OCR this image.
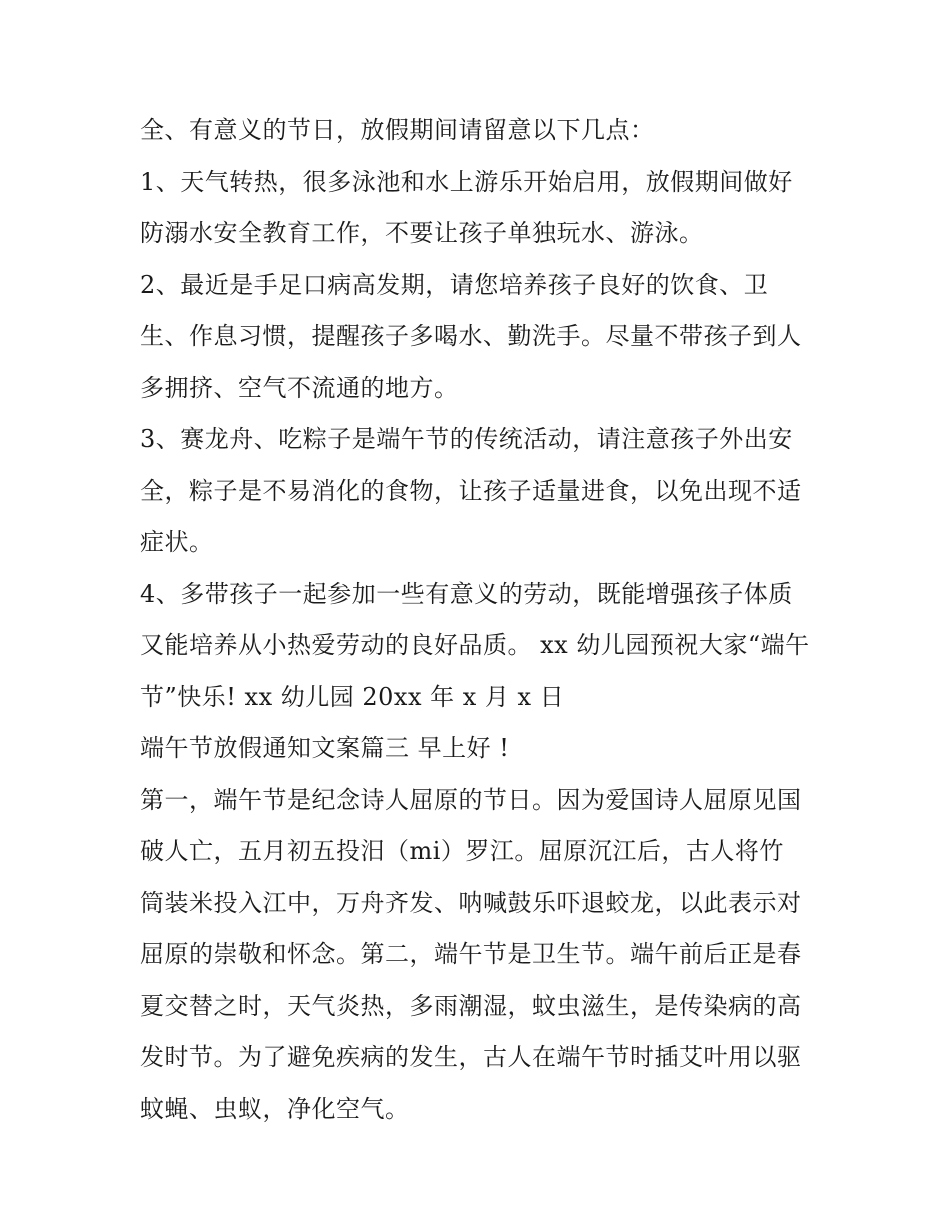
全、有意义的节日，放假期间请留意以下几点：
1、天气转热，很多泳池和水上游乐开始启用，放假期间做好
防溺水安全教育工作，不要让孩子单独玩水、游泳。
2、最近是手足口病高发期，请您培养孩子良好的饮食、卫
生、作息习惯，提醒孩子多喝水、勤洗手。尽量不带孩子到人
多拥挤、空气不流通的地方。
3、赛龙舟、吃粽子是端午节的传统活动，请注意孩子外出安
全，粽子是不易消化的食物，让孩子适量进食，以免出现不适
症状。
4、多带孩子一起参加一些有意义的劳动，既能增强孩子体质
又能培养从小热爱劳动的良好品质。 xx 幼儿园预祝大家“端午
节”快乐! xx 幼儿园 20xx 年 x 月 x 日
端午节放假通知文案篇三 早上好 !
第一，端午节是纪念诗人屈原的节日。因为爱国诗人屈原见国
破人亡，五月初五投汨（mi）罗江。屈原沉江后，古人将竹
筒装米投入江中，万舟齐发、呐喊鼓乐吓退蛟龙，以此表示对
屈原的崇敬和怀念。第二，端午节是卫生节。端午前后正是春
夏交替之时，天气炎热，多雨潮湿，蚊虫滋生，是传染病的高
发时节。为了避免疾病的发生，古人在端午节时插艾叶用以驱
蚊蝇、虫蚁，净化空气。
